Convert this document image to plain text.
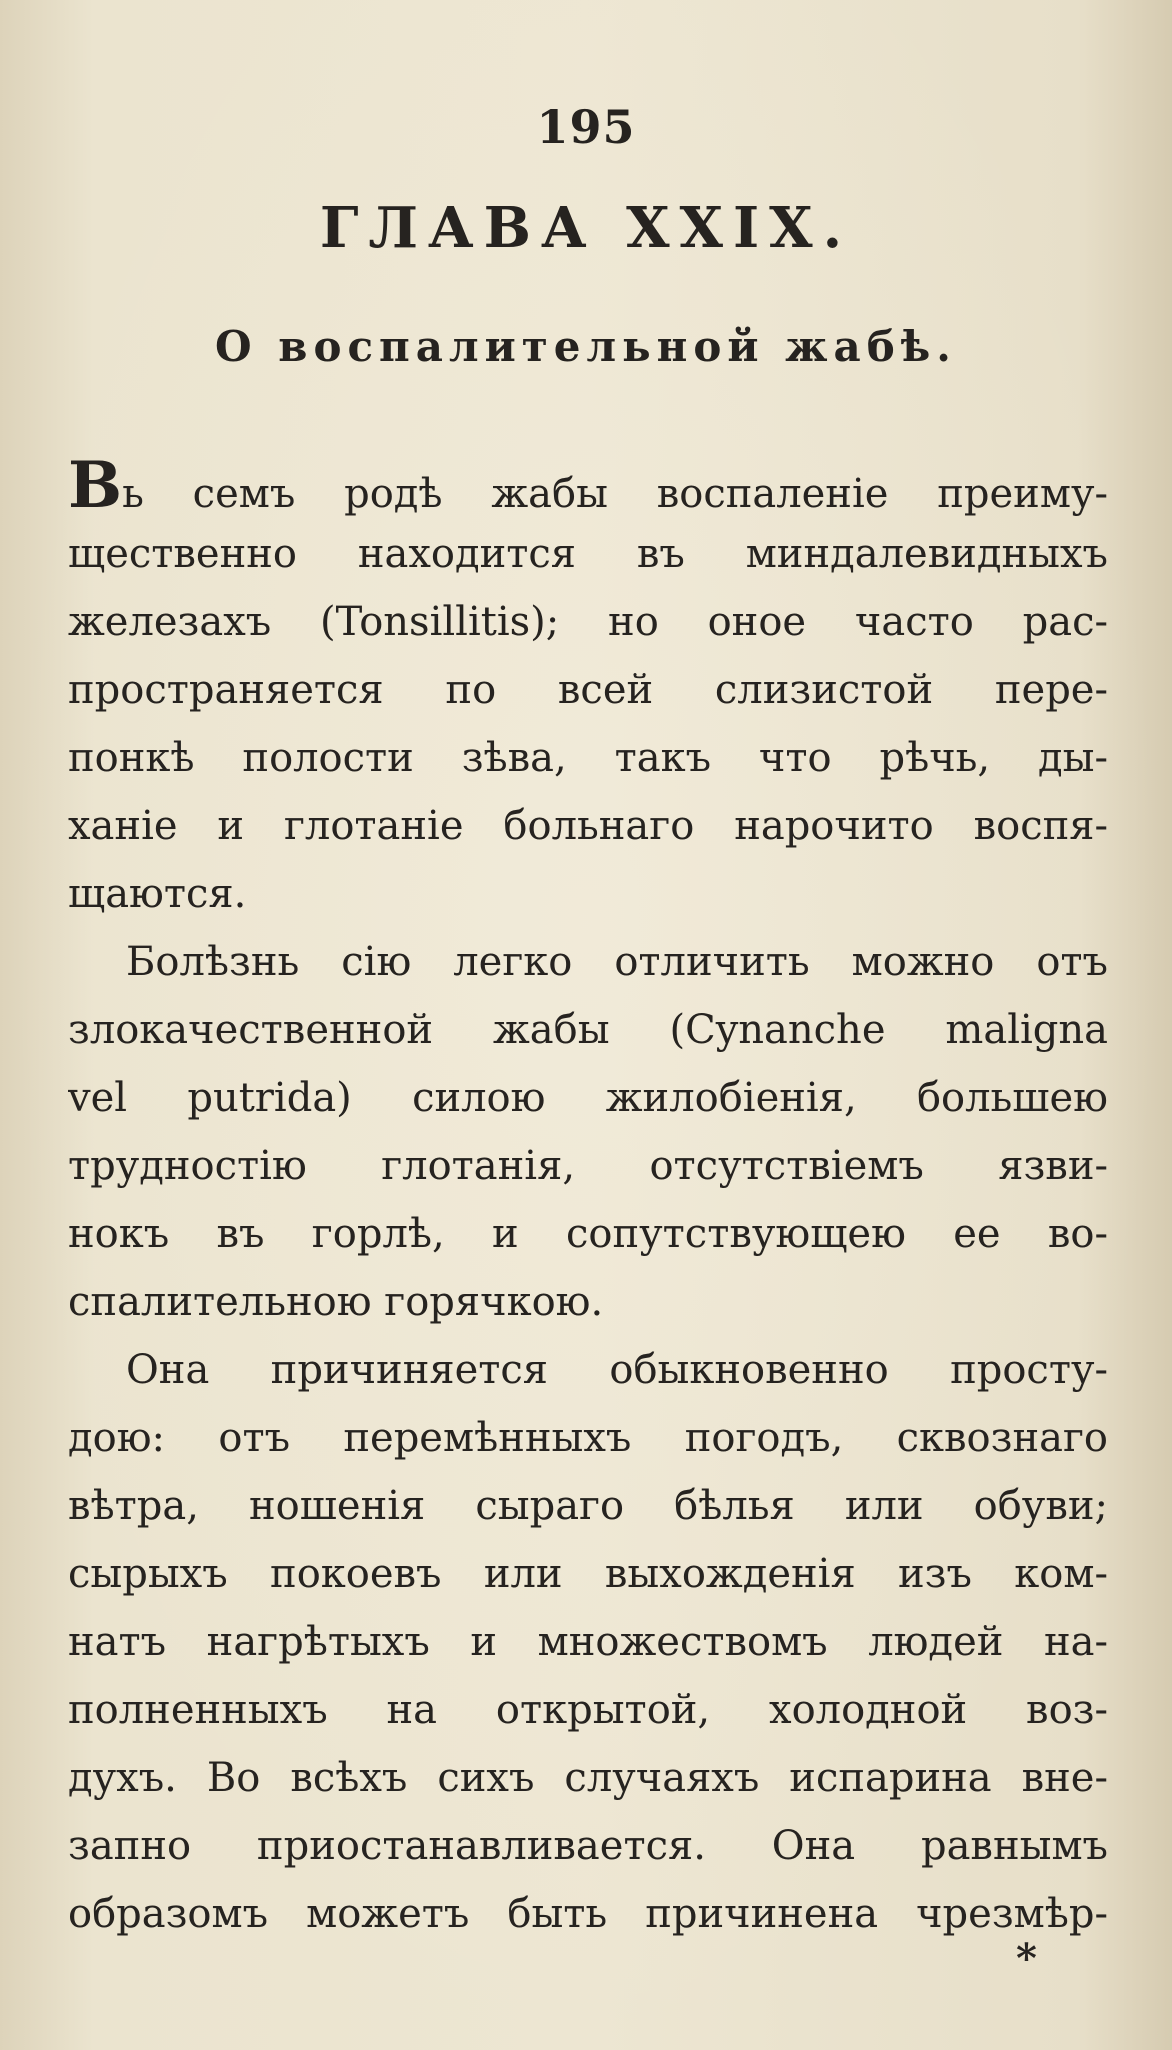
195
ГЛАВА XXIX.
О воспалительной жабѣ.
Вь семъ родѣ жабы воспаленіе преиму-
щественно находится въ миндалевидныхъ
железахъ (Tonsillitis); но оное часто рас-
пространяется по всей слизистой пере-
понкѣ полости зѣва, такъ что рѣчь, ды-
ханіе и глотаніе больнаго нарочито воспя-
щаются.
Болѣзнь сію легко отличить можно отъ
злокачественной жабы (Cynanche maligna
vel putrida) силою жилобіенія, большею
трудностію глотанія, отсутствіемъ язви-
нокъ въ горлѣ, и сопутствующею ее во-
спалительною горячкою.
Она причиняется обыкновенно просту-
дою: отъ перемѣнныхъ погодъ, сквознаго
вѣтра, ношенія сыраго бѣлья или обуви;
сырыхъ покоевъ или выхожденія изъ ком-
натъ нагрѣтыхъ и множествомъ людей на-
полненныхъ на открытой, холодной воз-
духъ. Во всѣхъ сихъ случаяхъ испарина вне-
запно приостанавливается. Она равнымъ
образомъ можетъ быть причинена чрезмѣр-
*
